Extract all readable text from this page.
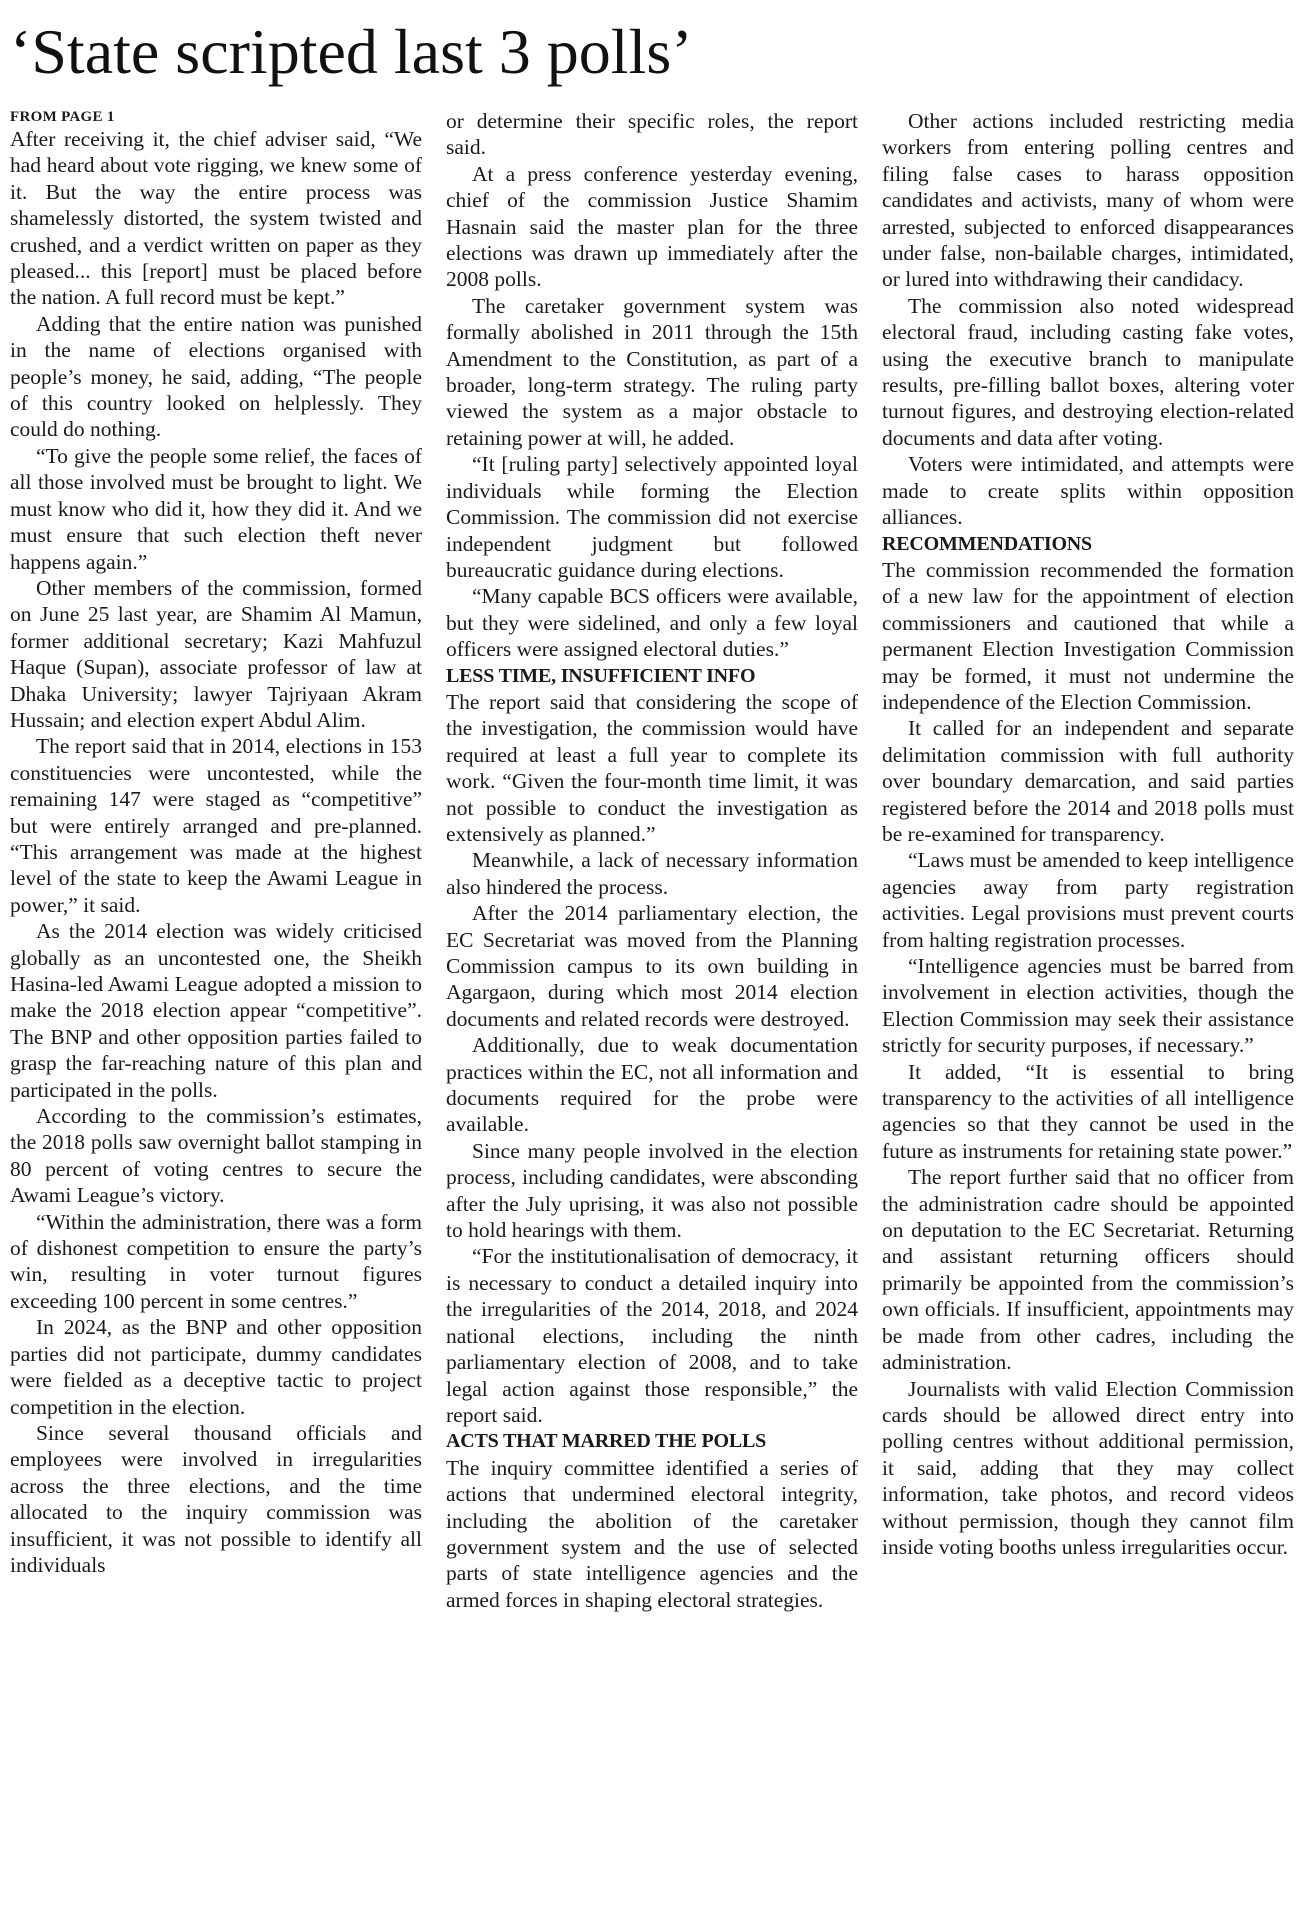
‘State scripted last 3 polls’

FROM PAGE 1

After receiving it, the chief adviser said, “We had heard about vote rigging, we knew some of it. But the way the entire process was shamelessly distorted, the system twisted and crushed, and a verdict written on paper as they pleased... this [report] must be placed before the nation. A full record must be kept.”

Adding that the entire nation was punished in the name of elections organised with people’s money, he said, adding, “The people of this country looked on helplessly. They could do nothing.

“To give the people some relief, the faces of all those involved must be brought to light. We must know who did it, how they did it. And we must ensure that such election theft never happens again.”

Other members of the commission, formed on June 25 last year, are Shamim Al Mamun, former additional secretary; Kazi Mahfuzul Haque (Supan), associate professor of law at Dhaka University; lawyer Tajriyaan Akram Hussain; and election expert Abdul Alim.

The report said that in 2014, elections in 153 constituencies were uncontested, while the remaining 147 were staged as “competitive” but were entirely arranged and pre-planned. “This arrangement was made at the highest level of the state to keep the Awami League in power,” it said.

As the 2014 election was widely criticised globally as an uncontested one, the Sheikh Hasina-led Awami League adopted a mission to make the 2018 election appear “competitive”. The BNP and other opposition parties failed to grasp the far-reaching nature of this plan and participated in the polls.

According to the commission’s estimates, the 2018 polls saw overnight ballot stamping in 80 percent of voting centres to secure the Awami League’s victory.

“Within the administration, there was a form of dishonest competition to ensure the party’s win, resulting in voter turnout figures exceeding 100 percent in some centres.”

In 2024, as the BNP and other opposition parties did not participate, dummy candidates were fielded as a deceptive tactic to project competition in the election.

Since several thousand officials and employees were involved in irregularities across the three elections, and the time allocated to the inquiry commission was insufficient, it was not possible to identify all individuals

or determine their specific roles, the report said.

At a press conference yesterday evening, chief of the commission Justice Shamim Hasnain said the master plan for the three elections was drawn up immediately after the 2008 polls.

The caretaker government system was formally abolished in 2011 through the 15th Amendment to the Constitution, as part of a broader, long-term strategy. The ruling party viewed the system as a major obstacle to retaining power at will, he added.

“It [ruling party] selectively appointed loyal individuals while forming the Election Commission. The commission did not exercise independent judgment but followed bureaucratic guidance during elections.

“Many capable BCS officers were available, but they were sidelined, and only a few loyal officers were assigned electoral duties.”

LESS TIME, INSUFFICIENT INFO

The report said that considering the scope of the investigation, the commission would have required at least a full year to complete its work. “Given the four-month time limit, it was not possible to conduct the investigation as extensively as planned.”

Meanwhile, a lack of necessary information also hindered the process.

After the 2014 parliamentary election, the EC Secretariat was moved from the Planning Commission campus to its own building in Agargaon, during which most 2014 election documents and related records were destroyed.

Additionally, due to weak documentation practices within the EC, not all information and documents required for the probe were available.

Since many people involved in the election process, including candidates, were absconding after the July uprising, it was also not possible to hold hearings with them.

“For the institutionalisation of democracy, it is necessary to conduct a detailed inquiry into the irregularities of the 2014, 2018, and 2024 national elections, including the ninth parliamentary election of 2008, and to take legal action against those responsible,” the report said.

ACTS THAT MARRED THE POLLS

The inquiry committee identified a series of actions that undermined electoral integrity, including the abolition of the caretaker government system and the use of selected parts of state intelligence agencies and the armed forces in shaping electoral strategies.

Other actions included restricting media workers from entering polling centres and filing false cases to harass opposition candidates and activists, many of whom were arrested, subjected to enforced disappearances under false, non-bailable charges, intimidated, or lured into withdrawing their candidacy.

The commission also noted widespread electoral fraud, including casting fake votes, using the executive branch to manipulate results, pre-filling ballot boxes, altering voter turnout figures, and destroying election-related documents and data after voting.

Voters were intimidated, and attempts were made to create splits within opposition alliances.

RECOMMENDATIONS

The commission recommended the formation of a new law for the appointment of election commissioners and cautioned that while a permanent Election Investigation Commission may be formed, it must not undermine the independence of the Election Commission.

It called for an independent and separate delimitation commission with full authority over boundary demarcation, and said parties registered before the 2014 and 2018 polls must be re-examined for transparency.

“Laws must be amended to keep intelligence agencies away from party registration activities. Legal provisions must prevent courts from halting registration processes.

“Intelligence agencies must be barred from involvement in election activities, though the Election Commission may seek their assistance strictly for security purposes, if necessary.”

It added, “It is essential to bring transparency to the activities of all intelligence agencies so that they cannot be used in the future as instruments for retaining state power.”

The report further said that no officer from the administration cadre should be appointed on deputation to the EC Secretariat. Returning and assistant returning officers should primarily be appointed from the commission’s own officials. If insufficient, appointments may be made from other cadres, including the administration.

Journalists with valid Election Commission cards should be allowed direct entry into polling centres without additional permission, it said, adding that they may collect information, take photos, and record videos without permission, though they cannot film inside voting booths unless irregularities occur.
